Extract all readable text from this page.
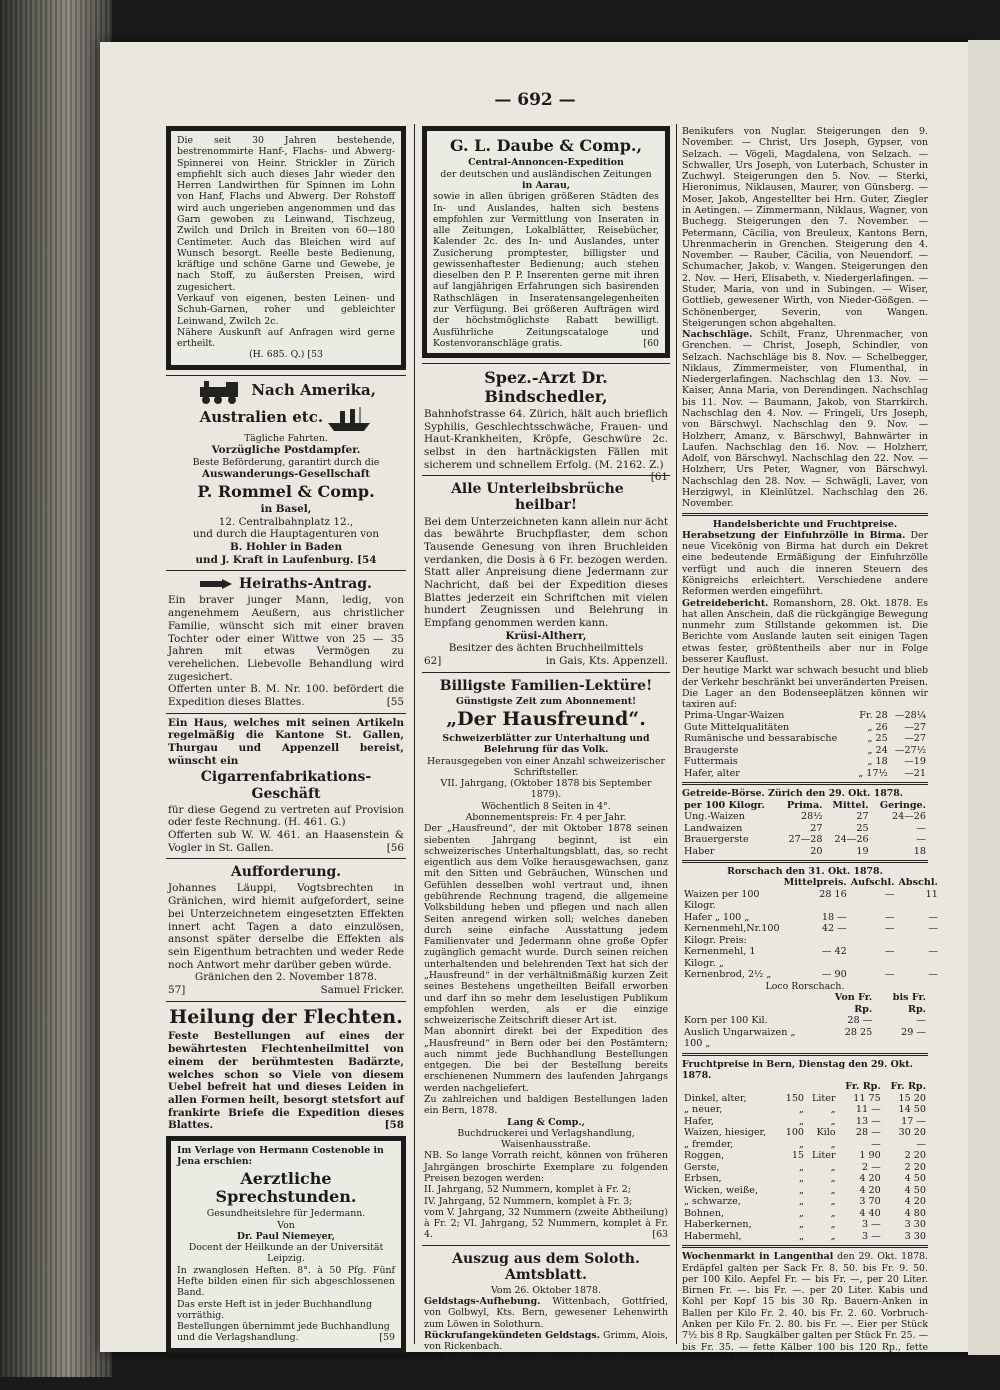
— 692 —
Die seit 30 Jahren bestehende, bestrenommirte Hanf-, Flachs- und Abwerg-Spinnerei von Heinr. Strickler in Zürich empfiehlt sich auch dieses Jahr wieder den Herren Landwirthen für Spinnen im Lohn von Hanf, Flachs und Abwerg. Der Rohstoff wird auch ungerieben angenommen und das Garn gewoben zu Leinwand, Tischzeug, Zwilch und Drilch in Breiten von 60—180 Centimeter. Auch das Bleichen wird auf Wunsch besorgt. Reelle beste Bedienung, kräftige und schöne Garne und Gewebe, je nach Stoff, zu äußersten Preisen, wird zugesichert.
Verkauf von eigenen, besten Leinen- und Schuh-Garnen, roher und gebleichter Leinwand, Zwilch 2c.
Nähere Auskunft auf Anfragen wird gerne ertheilt.
(H. 685. Q.) [53
Nach Amerika, Australien etc.
Tägliche Fahrten.
Vorzügliche Postdampfer.
Beste Beförderung, garantirt durch die
Auswanderungs-Gesellschaft
P. Rommel & Comp.
in Basel,
12. Centralbahnplatz 12.,
und durch die Hauptagenturen von
B. Hohler in Baden
und J. Kraft in Laufenburg. [54
Heiraths-Antrag.
Ein braver junger Mann, ledig, von angenehmem Aeußern, aus christlicher Familie, wünscht sich mit einer braven Tochter oder einer Wittwe von 25 — 35 Jahren mit etwas Vermögen zu verehelichen. Liebevolle Behandlung wird zugesichert.
Offerten unter B. M. Nr. 100. befördert die Expedition dieses Blattes.	[55
Ein Haus, welches mit seinen Artikeln regelmäßig die Kantone St. Gallen, Thurgau und Appenzell bereist, wünscht ein
Cigarrenfabrikations-Geschäft
für diese Gegend zu vertreten auf Provision oder feste Rechnung. (H. 461. G.)
Offerten sub W. W. 461. an Haasenstein & Vogler in St. Gallen.	[56
Aufforderung.
Johannes Läuppi, Vogtsbrechten in Gränichen, wird hiemit aufgefordert, seine bei Unterzeichnetem eingesetzten Effekten innert acht Tagen a dato einzulösen, ansonst später derselbe die Effekten als sein Eigenthum betrachten und weder Rede noch Antwort mehr darüber geben würde.
Gränichen den 2. November 1878.
57]	Samuel Fricker.
Heilung der Flechten.
Feste Bestellungen auf eines der bewährtesten Flechtenheilmittel von einem der berühmtesten Badärzte, welches schon so Viele von diesem Uebel befreit hat und dieses Leiden in allen Formen heilt, besorgt stetsfort auf frankirte Briefe die Expedition dieses Blattes.	[58
Im Verlage von Hermann Costenoble in Jena erschien:
Aerztliche Sprechstunden.
Gesundheitslehre für Jedermann.
Von
Dr. Paul Niemeyer,
Docent der Heilkunde an der Universität Leipzig.
In zwanglosen Heften. 8°. à 50 Pfg. Fünf Hefte bilden einen für sich abgeschlossenen Band.
Das erste Heft ist in jeder Buchhandlung vorräthig.
Bestellungen übernimmt jede Buchhandlung und die Verlagshandlung.	[59
G. L. Daube & Comp.,
Central-Annoncen-Expedition
der deutschen und ausländischen Zeitungen
in Aarau,
sowie in allen übrigen größeren Städten des In- und Auslandes, halten sich bestens empfohlen zur Vermittlung von Inseraten in alle Zeitungen, Lokalblätter, Reisebücher, Kalender 2c. des In- und Auslandes, unter Zusicherung promptester, billigster und gewissenhaftester Bedienung; auch stehen dieselben den P. P. Inserenten gerne mit ihren auf langjährigen Erfahrungen sich basirenden Rathschlägen in Inseratensangelegenheiten zur Verfügung. Bei größeren Aufträgen wird der höchstmöglichste Rabatt bewilligt. Ausführliche Zeitungscataloge und Kostenvoranschläge gratis.	[60
Spez.-Arzt Dr. Bindschedler,
Bahnhofstrasse 64. Zürich, hält auch brieflich Syphilis, Geschlechtsschwäche, Frauen- und Haut-Krankheiten, Kröpfe, Geschwüre 2c. selbst in den hartnäckigsten Fällen mit sicherem und schnellem Erfolg. (M. 2162. Z.)
[61
Alle Unterleibsbrüche heilbar!
Bei dem Unterzeichneten kann allein nur ächt das bewährte Bruchpflaster, dem schon Tausende Genesung von ihren Bruchleiden verdanken, die Dosis à 6 Fr. bezogen werden. Statt aller Anpreisung diene Jedermann zur Nachricht, daß bei der Expedition dieses Blattes jederzeit ein Schriftchen mit vielen hundert Zeugnissen und Belehrung in Empfang genommen werden kann.
Krüsi-Altherr,
Besitzer des ächten Bruchheilmittels
62]	in Gais, Kts. Appenzell.
Billigste Familien-Lektüre!
Günstigste Zeit zum Abonnement!
„Der Hausfreund“.
Schweizerblätter zur Unterhaltung und Belehrung für das Volk.
Herausgegeben von einer Anzahl schweizerischer Schriftsteller.
VII. Jahrgang, (Oktober 1878 bis September 1879).
Wöchentlich 8 Seiten in 4°.
Abonnementspreis: Fr. 4 per Jahr.
Der „Hausfreund“, der mit Oktober 1878 seinen siebenten Jahrgang beginnt, ist ein schweizerisches Unterhaltungsblatt, das, so recht eigentlich aus dem Volke herausgewachsen, ganz mit den Sitten und Gebräuchen, Wünschen und Gefühlen desselben wohl vertraut und, ihnen gebührende Rechnung tragend, die allgemeine Volksbildung heben und pflegen und nach allen Seiten anregend wirken soll; welches daneben durch seine einfache Ausstattung jedem Familienvater und Jedermann ohne große Opfer zugänglich gemacht wurde. Durch seinen reichen unterhaltenden und belehrenden Text hat sich der „Hausfreund“ in der verhältnißmäßig kurzen Zeit seines Bestehens ungetheilten Beifall erworben und darf ihn so mehr dem leselustigen Publikum empfohlen werden, als er die einzige schweizerische Zeitschrift dieser Art ist.
Man abonnirt direkt bei der Expedition des „Hausfreund“ in Bern oder bei den Postämtern; auch nimmt jede Buchhandlung Bestellungen entgegen. Die bei der Bestellung bereits erschienenen Nummern des laufenden Jahrgangs werden nachgeliefert.
Zu zahlreichen und baldigen Bestellungen laden ein Bern, 1878.
Lang & Comp.,
Buchdruckerei und Verlagshandlung, Waisenhausstraße.
NB. So lange Vorrath reicht, können von früheren Jahrgängen broschirte Exemplare zu folgenden Preisen bezogen werden:
II. Jahrgang, 52 Nummern, komplet à Fr. 2;
IV. Jahrgang, 52 Nummern, komplet à Fr. 3;
vom V. Jahrgang, 32 Nummern (zweite Abtheilung) à Fr. 2; VI. Jahrgang, 52 Nummern, komplet à Fr. 4.	[63
Auszug aus dem Soloth. Amtsblatt.
Vom 26. Oktober 1878.
Geldstags-Aufhebung. Wittenbach, Gottfried, von Golbwyl, Kts. Bern, gewesener Lehenwirth zum Löwen in Solothurn.
Rückrufangekündeten Geldstags. Grimm, Alois, von Rickenbach.
Geldstage und Geldstagssteigerungen.
Eingaben bis 9. Dezember 1878. Tschann, Franz, Feilenhauer, von Solothurn. — Frei, Martin,
Benikufers von Nuglar. Steigerungen den 9. November. — Christ, Urs Joseph, Gypser, von Selzach. — Vögeli, Magdalena, von Selzach. — Schwaller, Urs Joseph, von Luterbach, Schuster in Zuchwyl. Steigerungen den 5. Nov. — Sterki, Hieronimus, Niklausen, Maurer, von Günsberg. — Moser, Jakob, Angestellter bei Hrn. Guter, Ziegler in Aetingen. — Zimmermann, Niklaus, Wagner, von Buchegg. Steigerungen den 7. November. — Petermann, Cäcilia, von Breuleux, Kantons Bern, Uhrenmacherin in Grenchen. Steigerung den 4. November. — Rauber, Cäcilia, von Neuendorf. — Schumacher, Jakob, v. Wangen. Steigerungen den 2. Nov. — Heri, Elisabeth, v. Niedergerlafingen. — Studer, Maria, von und in Subingen. — Wiser, Gottlieb, gewesener Wirth, von Nieder-Gößgen. — Schönenberger, Severin, von Wangen. Steigerungen schon abgehalten.
Nachschläge. Schilt, Franz, Uhrenmacher, von Grenchen. — Christ, Joseph, Schindler, von Selzach. Nachschläge bis 8. Nov. — Schelbegger, Niklaus, Zimmermeister, von Flumenthal, in Niedergerlafingen. Nachschlag den 13. Nov. — Kaiser, Anna Maria, von Derendingen. Nachschlag bis 11. Nov. — Baumann, Jakob, von Starrkirch. Nachschlag den 4. Nov. — Fringeli, Urs Joseph, von Bärschwyl. Nachschlag den 9. Nov. — Holzherr, Amanz, v. Bärschwyl, Bahnwärter in Laufen. Nachschlag den 16. Nov. — Holzherr, Adolf, von Bärschwyl. Nachschlag den 22. Nov. — Holzherr, Urs Peter, Wagner, von Bärschwyl. Nachschlag den 28. Nov. — Schwägli, Laver, von Herzigwyl, in Kleinlützel. Nachschlag den 26. November.
Handelsberichte und Fruchtpreise.
Herabsetzung der Einfuhrzölle in Birma. Der neue Vicekönig von Birma hat durch ein Dekret eine bedeutende Ermäßigung der Einfuhrzölle verfügt und auch die inneren Steuern des Königreichs erleichtert. Verschiedene andere Reformen werden eingeführt.
Getreidebericht. Romanshorn, 28. Okt. 1878. Es hat allen Anschein, daß die rückgängige Bewegung nunmehr zum Stillstande gekommen ist. Die Berichte vom Auslande lauten seit einigen Tagen etwas fester, größtentheils aber nur in Folge besserer Kauflust.
Der heutige Markt war schwach besucht und blieb der Verkehr beschränkt bei unveränderten Preisen. Die Lager an den Bodenseeplätzen können wir taxiren auf:
Prima-Ungar-Waizen	Fr. 28	—28¼
Gute Mittelqualitäten	„ 26	—27
Rumänische und bessarabische	„ 25	—27
Braugerste	„ 24	—27½
Futtermais	„ 18	—19
Hafer, alter	„ 17½	—21
Getreide-Börse. Zürich den 29. Okt. 1878.
per 100 Kilogr.	Prima.	Mittel.	Geringe.
Ung.-Waizen	28½	27	24—26
Landwaizen	27	25	—
Brauergerste	27—28	24—26	—
Haber	20	19	18
Rorschach den 31. Okt. 1878.
	Mittelpreis.	Aufschl.	Abschl.
Waizen per 100 Kilogr.	28 16	—	11
Hafer „ 100 „	18 —	—	—
Kernenmehl,Nr.100 Kilogr. Preis:	42 —	—	—
Kernenmehl, 1 Kilogr. „	— 42	—	—
Kernenbrod, 2½ „	— 90	—	—
Loco Rorschach.
	Von Fr. Rp.	bis Fr. Rp.
Korn per 100 Kil.	28 —	—
Auslich Ungarwaizen „ 100 „	28 25	29 —
Fruchtpreise in Bern, Dienstag den 29. Okt. 1878.
			Fr. Rp.	Fr. Rp.
Dinkel, alter,	150	Liter	11 75	15 20
„ neuer,	„	„	11 —	14 50
Hafer,	„	„	13 —	17 —
Waizen, hiesiger,	100	Kilo	28 —	30 20
„ fremder,	„	„	—	—
Roggen,	15	Liter	1 90	2 20
Gerste,	„	„	2 —	2 20
Erbsen,	„	„	4 20	4 50
Wicken, weiße,	„	„	4 20	4 50
„ schwarze,	„	„	3 70	4 20
Bohnen,	„	„	4 40	4 80
Haberkernen,	„	„	3 —	3 30
Habermehl,	„	„	3 —	3 30
Wochenmarkt in Langenthal den 29. Okt. 1878. Erdäpfel galten per Sack Fr. 8. 50. bis Fr. 9. 50. per 100 Kilo. Aepfel Fr. — bis Fr. —, per 20 Liter. Birnen Fr. —. bis Fr. —. per 20 Liter. Kabis und Kohl per Kopf 15 bis 30 Rp. Bauern-Anken in Ballen per Kilo Fr. 2. 40. bis Fr. 2. 60. Vorbruch-Anken per Kilo Fr. 2. 80. bis Fr. —. Eier per Stück 7½ bis 8 Rp. Saugkälber galten per Stück Fr. 25. — bis Fr. 35. — fette Kälber 100 bis 120 Rp., fette Schafe 80 bis 100 Rp. und fette Schweine 100 bis 120 Rp. per Kilo. Rindfleisch Fr. 1. 50. bis Fr. 1. 80., Speck Fr. 2. bis Fr. 2. 20, per Kilogramm.
